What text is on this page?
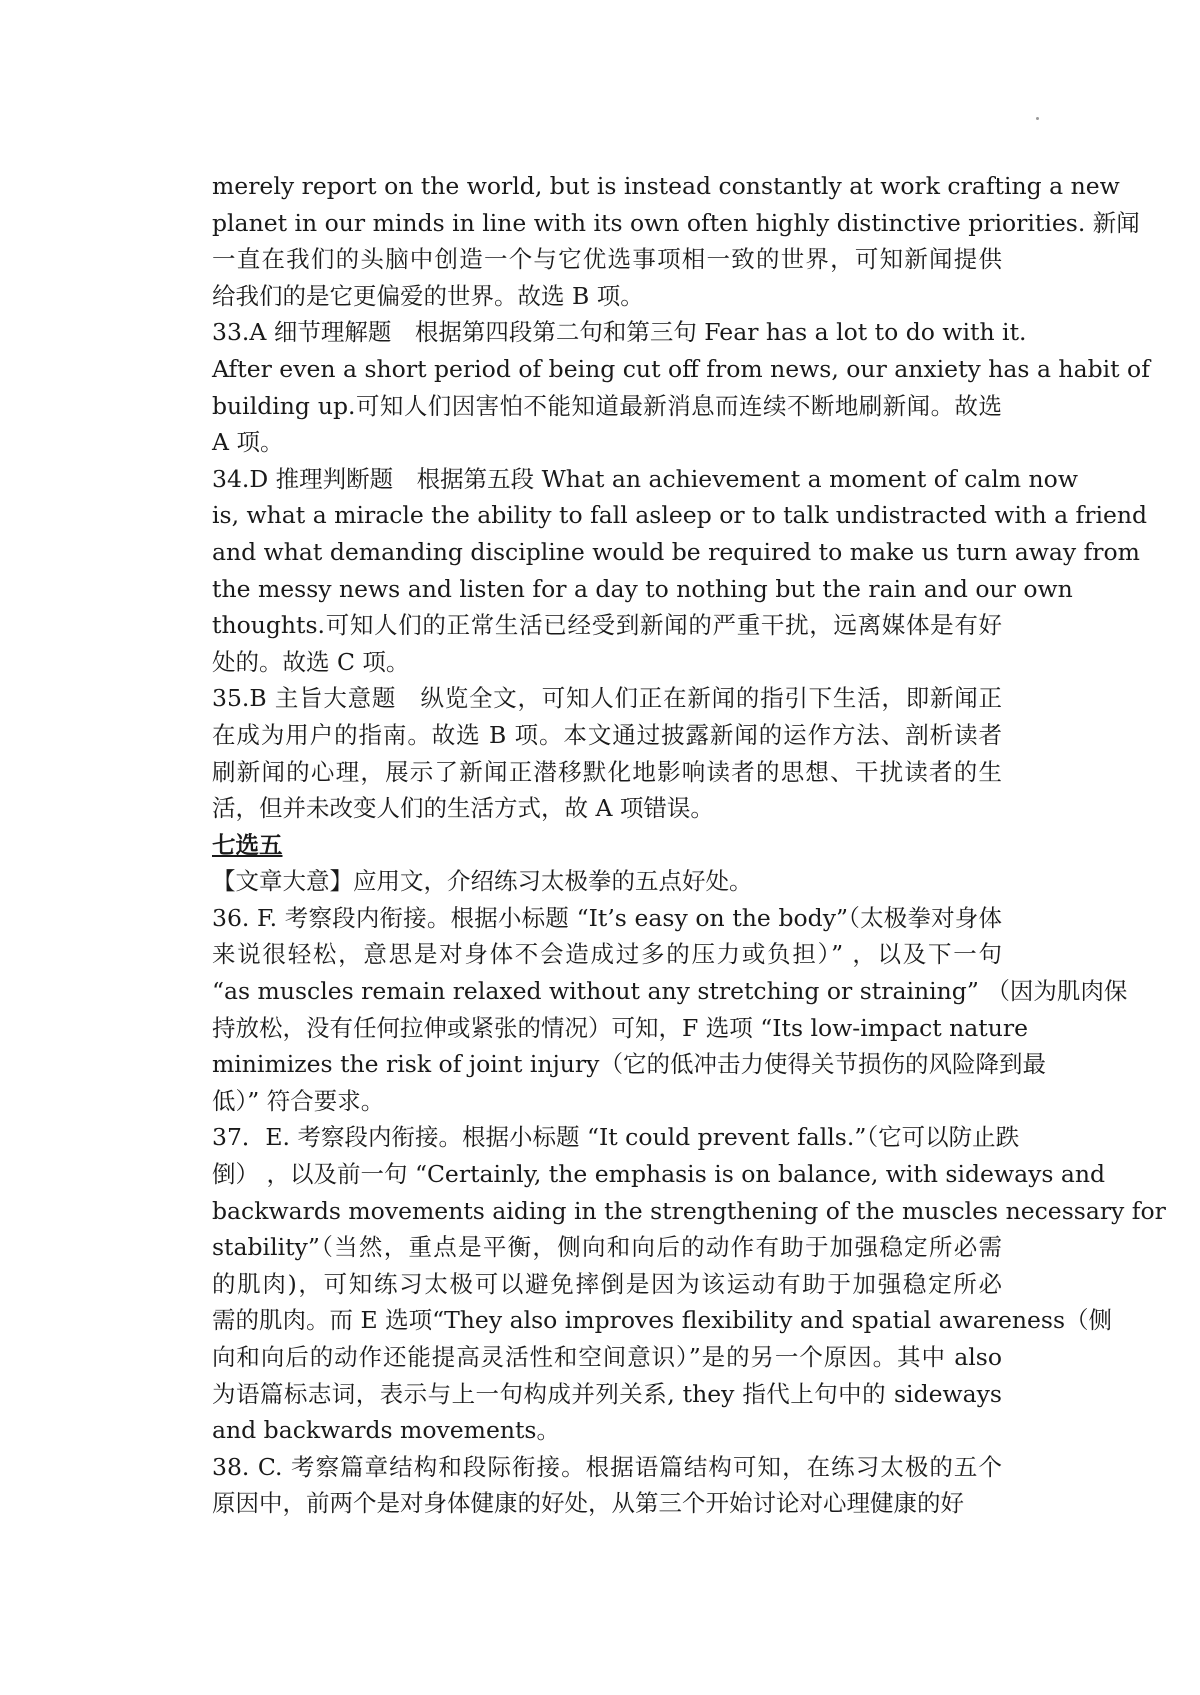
merely report on the world, but is instead constantly at work crafting a new
planet in our minds in line with its own often highly distinctive priorities. 新闻
一直在我们的头脑中创造一个与它优选事项相一致的世界，可知新闻提供
给我们的是它更偏爱的世界。故选 B 项。
33.A 细节理解题　根据第四段第二句和第三句 Fear has a lot to do with it.
After even a short period of being cut off from news, our anxiety has a habit of
building up.可知人们因害怕不能知道最新消息而连续不断地刷新闻。故选
A 项。
34.D 推理判断题　根据第五段 What an achievement a moment of calm now
is, what a miracle the ability to fall asleep or to talk undistracted with a friend
and what demanding discipline would be required to make us turn away from
the messy news and listen for a day to nothing but the rain and our own
thoughts.可知人们的正常生活已经受到新闻的严重干扰，远离媒体是有好
处的。故选 C 项。
35.B 主旨大意题　纵览全文，可知人们正在新闻的指引下生活，即新闻正
在成为用户的指南。故选 B 项。本文通过披露新闻的运作方法、剖析读者
刷新闻的心理，展示了新闻正潜移默化地影响读者的思想、干扰读者的生
活，但并未改变人们的生活方式，故 A 项错误。
七选五
【文章大意】应用文，介绍练习太极拳的五点好处。
36. F. 考察段内衔接。根据小标题 “It’s easy on the body”（太极拳对身体
来说很轻松，意思是对身体不会造成过多的压力或负担）” ，以及下一句
“as muscles remain relaxed without any stretching or straining” （因为肌肉保
持放松，没有任何拉伸或紧张的情况）可知，F 选项 “Its low-impact nature
minimizes the risk of joint injury（它的低冲击力使得关节损伤的风险降到最
低）” 符合要求。
37．E. 考察段内衔接。根据小标题 “It could prevent falls.”（它可以防止跌
倒） ，以及前一句 “Certainly, the emphasis is on balance, with sideways and
backwards movements aiding in the strengthening of the muscles necessary for
stability”（当然，重点是平衡，侧向和向后的动作有助于加强稳定所必需
的肌肉)，可知练习太极可以避免摔倒是因为该运动有助于加强稳定所必
需的肌肉。而 E 选项“They also improves flexibility and spatial awareness（侧
向和向后的动作还能提高灵活性和空间意识）”是的另一个原因。其中 also
为语篇标志词，表示与上一句构成并列关系, they 指代上句中的 sideways
and backwards movements。
38. C. 考察篇章结构和段际衔接。根据语篇结构可知，在练习太极的五个
原因中，前两个是对身体健康的好处，从第三个开始讨论对心理健康的好
